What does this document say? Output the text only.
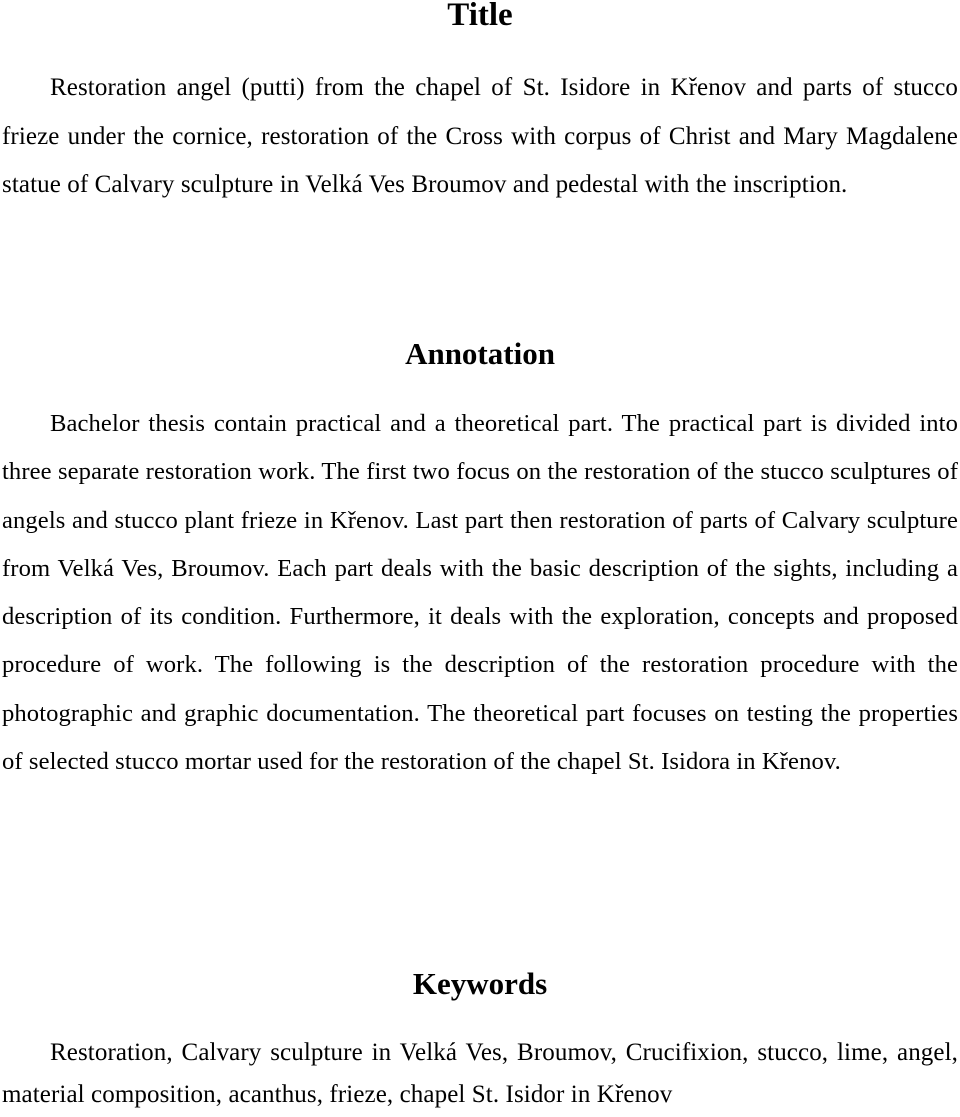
Title

Restoration angel (putti) from the chapel of St. Isidore in Křenov and parts of stucco frieze under the cornice, restoration of the Cross with corpus of Christ and Mary Magdalene statue of Calvary sculpture in Velká Ves Broumov and pedestal with the inscription.

Annotation

Bachelor thesis contain practical and a theoretical part. The practical part is divided into three separate restoration work. The first two focus on the restoration of the stucco sculptures of angels and stucco plant frieze in Křenov. Last part then restoration of parts of Calvary sculpture from Velká Ves, Broumov. Each part deals with the basic description of the sights, including a description of its condition. Furthermore, it deals with the exploration, concepts and proposed procedure of work. The following is the description of the restoration procedure with the photographic and graphic documentation. The theoretical part focuses on testing the properties of selected stucco mortar used for the restoration of the chapel St. Isidora in Křenov.

Keywords

Restoration, Calvary sculpture in Velká Ves, Broumov, Crucifixion, stucco, lime, angel, material composition, acanthus, frieze, chapel St. Isidor in Křenov
